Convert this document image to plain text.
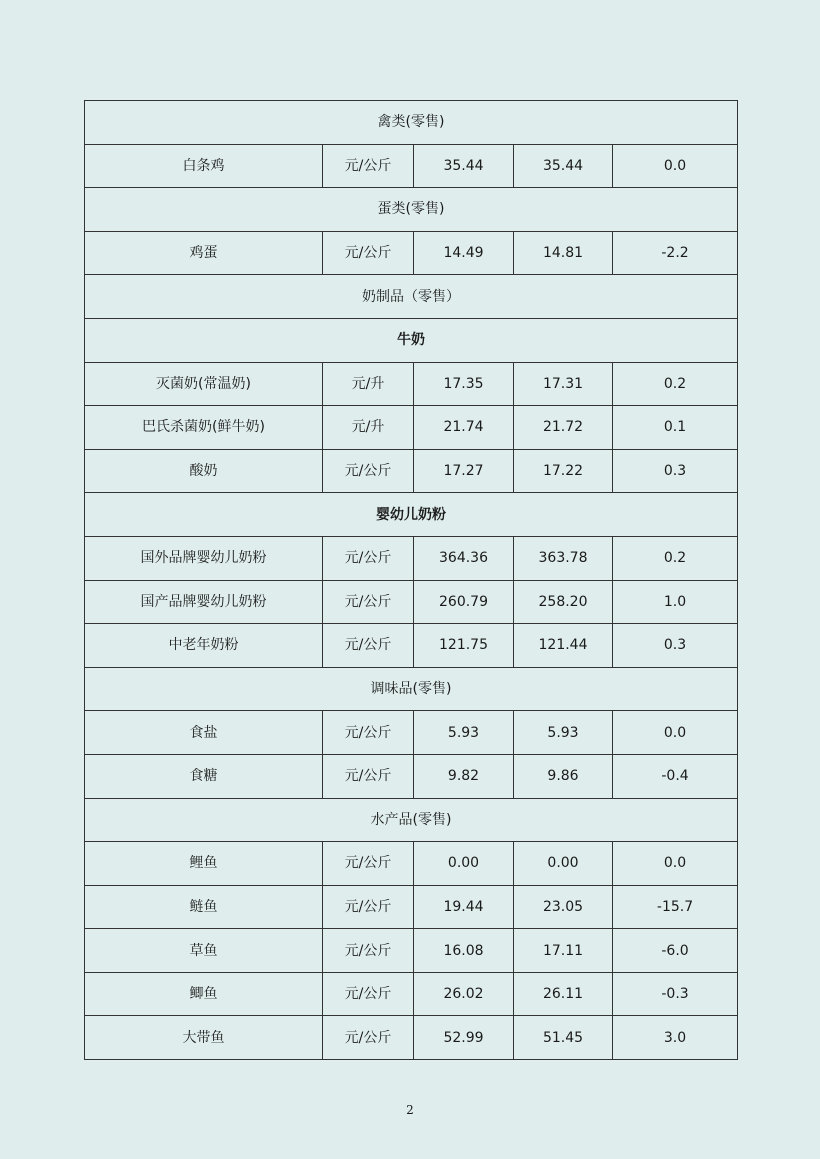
禽类(零售)				
白条鸡	元/公斤	35.44	35.44	0.0
蛋类(零售)				
鸡蛋	元/公斤	14.49	14.81	-2.2
奶制品（零售）				
牛奶				
灭菌奶(常温奶)	元/升	17.35	17.31	0.2
巴氏杀菌奶(鲜牛奶)	元/升	21.74	21.72	0.1
酸奶	元/公斤	17.27	17.22	0.3
婴幼儿奶粉				
国外品牌婴幼儿奶粉	元/公斤	364.36	363.78	0.2
国产品牌婴幼儿奶粉	元/公斤	260.79	258.20	1.0
中老年奶粉	元/公斤	121.75	121.44	0.3
调味品(零售)				
食盐	元/公斤	5.93	5.93	0.0
食糖	元/公斤	9.82	9.86	-0.4
水产品(零售)				
鲤鱼	元/公斤	0.00	0.00	0.0
鲢鱼	元/公斤	19.44	23.05	-15.7
草鱼	元/公斤	16.08	17.11	-6.0
鲫鱼	元/公斤	26.02	26.11	-0.3
大带鱼	元/公斤	52.99	51.45	3.0
2
